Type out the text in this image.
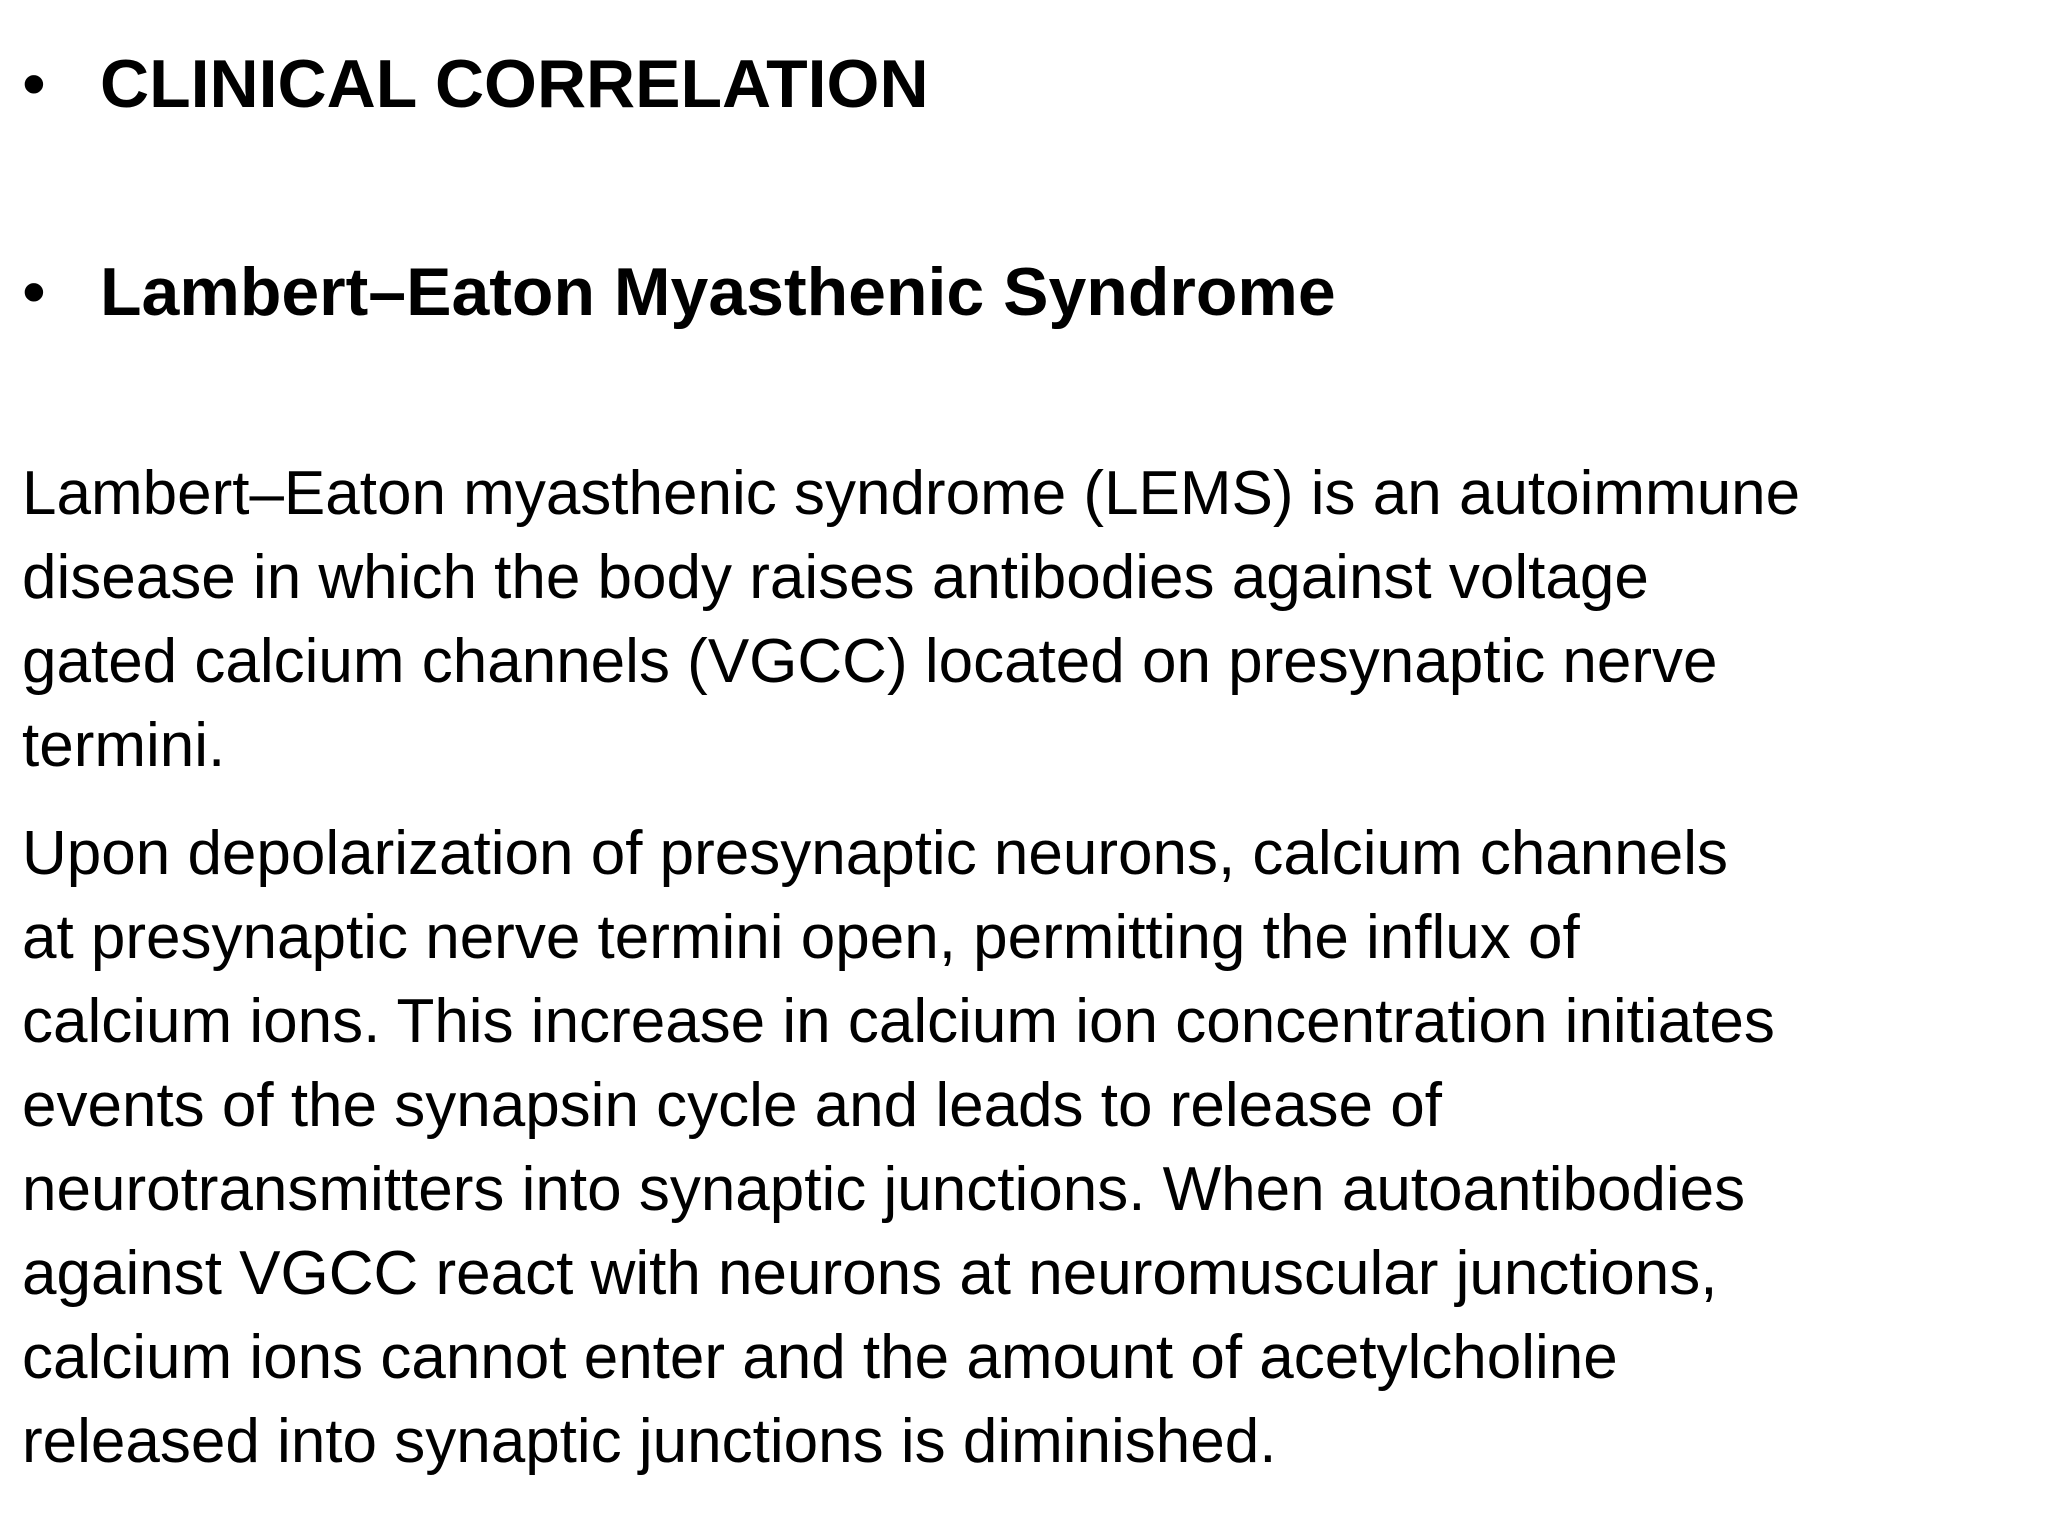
• CLINICAL CORRELATION
• Lambert–Eaton Myasthenic Syndrome

Lambert–Eaton myasthenic syndrome (LEMS) is an autoimmune
disease in which the body raises antibodies against voltage
gated calcium channels (VGCC) located on presynaptic nerve
termini.

Upon depolarization of presynaptic neurons, calcium channels
at presynaptic nerve termini open, permitting the influx of
calcium ions. This increase in calcium ion concentration initiates
events of the synapsin cycle and leads to release of
neurotransmitters into synaptic junctions. When autoantibodies
against VGCC react with neurons at neuromuscular junctions,
calcium ions cannot enter and the amount of acetylcholine
released into synaptic junctions is diminished.
